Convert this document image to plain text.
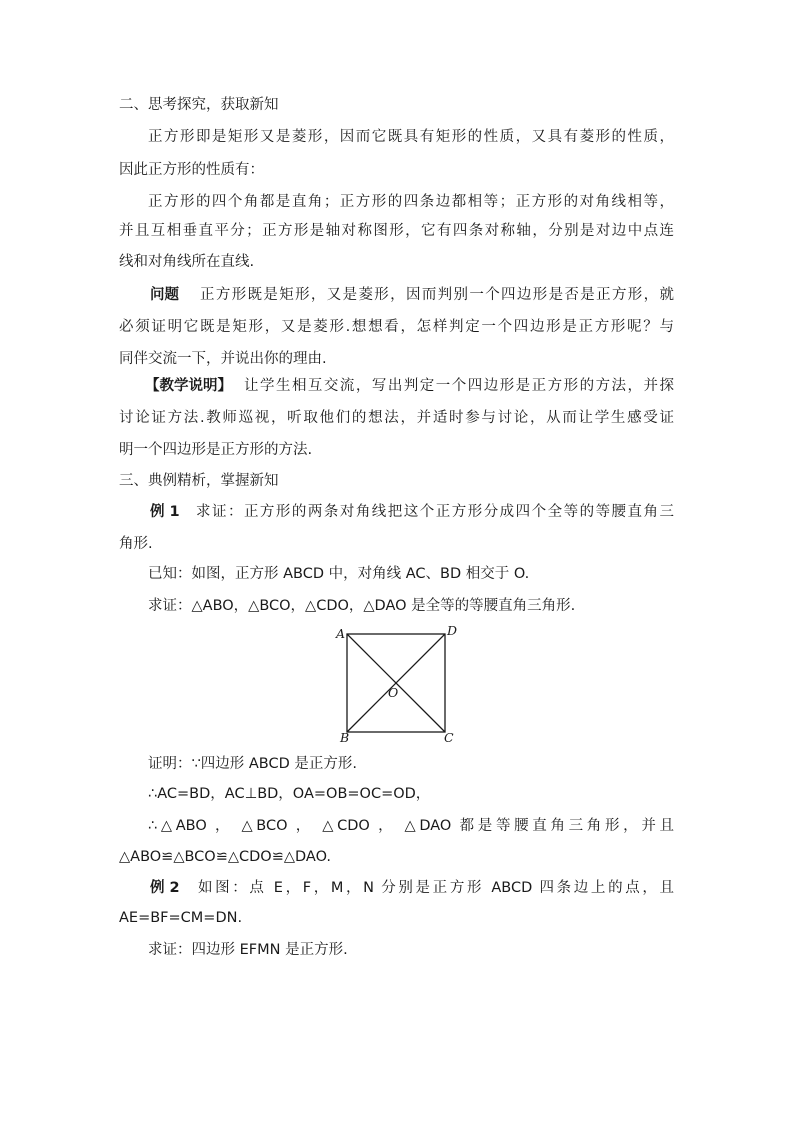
二、思考探究，获取新知
正方形即是矩形又是菱形，因而它既具有矩形的性质，又具有菱形的性质，
因此正方形的性质有：
正方形的四个角都是直角；正方形的四条边都相等；正方形的对角线相等，
并且互相垂直平分；正方形是轴对称图形，它有四条对称轴，分别是对边中点连
线和对角线所在直线.
问题	正方形既是矩形，又是菱形，因而判别一个四边形是否是正方形，就
必须证明它既是矩形，又是菱形.想想看，怎样判定一个四边形是正方形呢？与
同伴交流一下，并说出你的理由.
【教学说明】 让学生相互交流，写出判定一个四边形是正方形的方法，并探
讨论证方法.教师巡视，听取他们的想法，并适时参与讨论，从而让学生感受证
明一个四边形是正方形的方法.
三、典例精析，掌握新知
例 1	求证：正方形的两条对角线把这个正方形分成四个全等的等腰直角三
角形.
已知：如图，正方形 ABCD 中，对角线 AC、BD 相交于 O.
求证：△ABO，△BCO，△CDO，△DAO 是全等的等腰直角三角形.
A	D
B	C
O
证明：∵四边形 ABCD 是正方形.
∴AC=BD，AC⊥BD，OA=OB=OC=OD，
∴△ABO ， △BCO ， △CDO ， △DAO 都是等腰直角三角形，并且
△ABO≌△BCO≌△CDO≌△DAO.
例 2	如图：点 E，F，M，N 分别是正方形 ABCD 四条边上的点，且
AE=BF=CM=DN.
求证：四边形 EFMN 是正方形.
